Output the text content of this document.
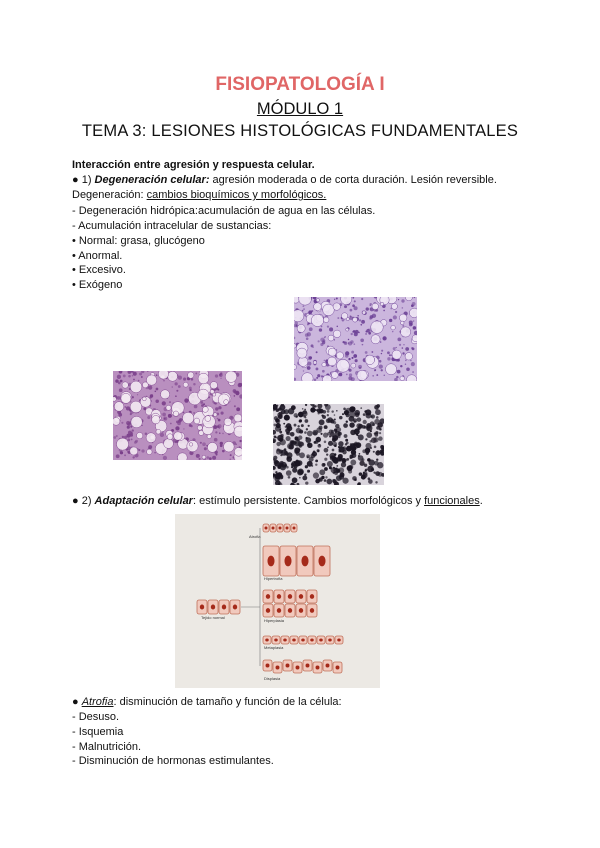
FISIOPATOLOGÍA I
MÓDULO 1
TEMA 3: LESIONES HISTOLÓGICAS FUNDAMENTALES
Interacción entre agresión y respuesta celular.
● 1) Degeneración celular: agresión moderada o de corta duración. Lesión reversible.
Degeneración: cambios bioquímicos y morfológicos.
- Degeneración hidrópica:acumulación de agua en las células.
- Acumulación intracelular de sustancias:
• Normal: grasa, glucógeno
• Anormal.
• Excesivo.
• Exógeno
● 2) Adaptación celular: estímulo persistente. Cambios morfológicos y funcionales.
Atrofia
Hipertrofia
Tejido normal
Hiperplasia
Metaplasia
Displasia
● Atrofia: disminución de tamaño y función de la célula:
- Desuso.
- Isquemia
- Malnutrición.
- Disminución de hormonas estimulantes.
